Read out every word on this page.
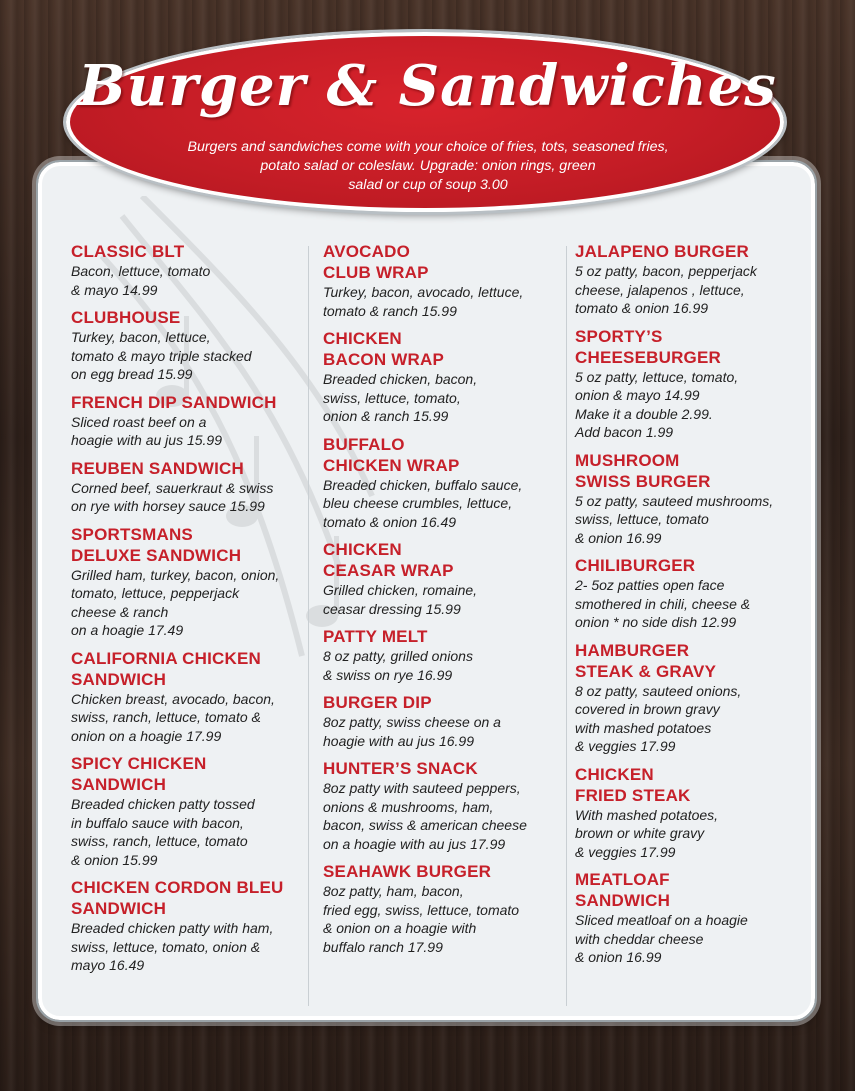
Burger & Sandwiches
Burgers and sandwiches come with your choice of fries, tots, seasoned fries,
potato salad or coleslaw. Upgrade: onion rings, green
salad or cup of soup 3.00
CLASSIC BLT
Bacon, lettuce, tomato
& mayo 14.99
CLUBHOUSE
Turkey, bacon, lettuce,
tomato & mayo triple stacked
on egg bread 15.99
FRENCH DIP SANDWICH
Sliced roast beef on a
hoagie with au jus 15.99
REUBEN SANDWICH
Corned beef, sauerkraut & swiss
on rye with horsey sauce 15.99
SPORTSMANS
DELUXE SANDWICH
Grilled ham, turkey, bacon, onion,
tomato, lettuce, pepperjack
cheese & ranch
on a hoagie 17.49
CALIFORNIA CHICKEN
SANDWICH
Chicken breast, avocado, bacon,
swiss, ranch, lettuce, tomato &
onion on a hoagie 17.99
SPICY CHICKEN
SANDWICH
Breaded chicken patty tossed
in buffalo sauce with bacon,
swiss, ranch, lettuce, tomato
& onion 15.99
CHICKEN CORDON BLEU
SANDWICH
Breaded chicken patty with ham,
swiss, lettuce, tomato, onion &
mayo 16.49
AVOCADO
CLUB WRAP
Turkey, bacon, avocado, lettuce,
tomato & ranch 15.99
CHICKEN
BACON WRAP
Breaded chicken, bacon,
swiss, lettuce, tomato,
onion & ranch 15.99
BUFFALO
CHICKEN WRAP
Breaded chicken, buffalo sauce,
bleu cheese crumbles, lettuce,
tomato & onion 16.49
CHICKEN
CEASAR WRAP
Grilled chicken, romaine,
ceasar dressing 15.99
PATTY MELT
8 oz patty, grilled onions
& swiss on rye 16.99
BURGER DIP
8oz patty, swiss cheese on a
hoagie with au jus 16.99
HUNTER’S SNACK
8oz patty with sauteed peppers,
onions & mushrooms, ham,
bacon, swiss & american cheese
on a hoagie with au jus 17.99
SEAHAWK BURGER
8oz patty, ham, bacon,
fried egg, swiss, lettuce, tomato
& onion on a hoagie with
buffalo ranch 17.99
JALAPENO BURGER
5 oz patty, bacon, pepperjack
cheese, jalapenos , lettuce,
tomato & onion 16.99
SPORTY’S
CHEESEBURGER
5 oz patty, lettuce, tomato,
onion & mayo 14.99
Make it a double 2.99.
Add bacon 1.99
MUSHROOM
SWISS BURGER
5 oz patty, sauteed mushrooms,
swiss, lettuce, tomato
& onion 16.99
CHILIBURGER
2- 5oz patties open face
smothered in chili, cheese &
onion * no side dish 12.99
HAMBURGER
STEAK & GRAVY
8 oz patty, sauteed onions,
covered in brown gravy
with mashed potatoes
& veggies 17.99
CHICKEN
FRIED STEAK
With mashed potatoes,
brown or white gravy
& veggies 17.99
MEATLOAF
SANDWICH
Sliced meatloaf on a hoagie
with cheddar cheese
& onion 16.99
